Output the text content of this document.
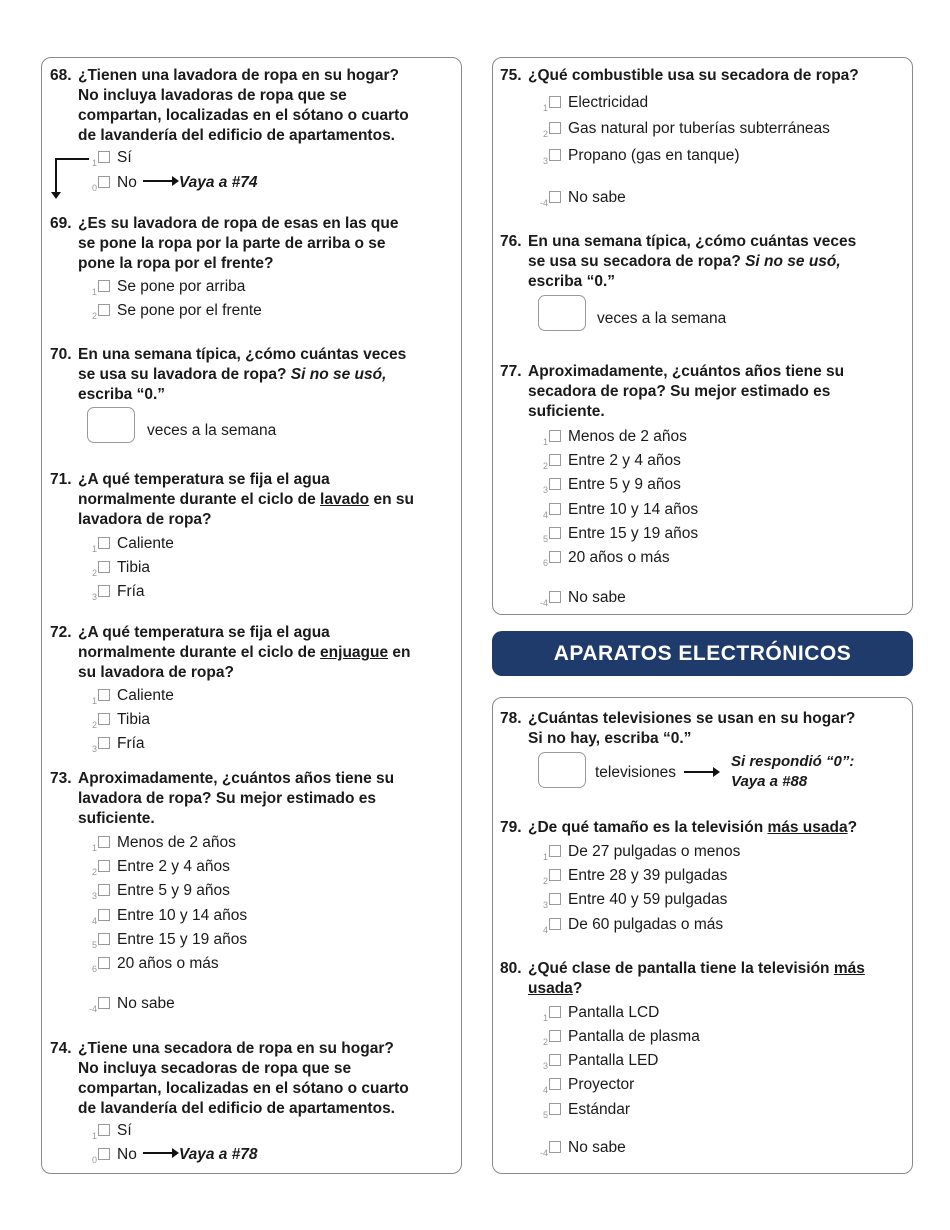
APARATOS ELECTRÓNICOS

68. ¿Tienen una lavadora de ropa en su hogar?

No incluya lavadoras de ropa que se

compartan, localizadas en el sótano o cuarto

de lavandería del edificio de apartamentos.

1 Sí
0 No	Vaya a #74

69. ¿Es su lavadora de ropa de esas en las que

se pone la ropa por la parte de arriba o se

pone la ropa por el frente?

1 Se pone por arriba
2 Se pone por el frente

70. En una semana típica, ¿cómo cuántas veces

se usa su lavadora de ropa? Si no se usó,

escriba “0.”

veces a la semana

71. ¿A qué temperatura se fija el agua

normalmente durante el ciclo de lavado en su

lavadora de ropa?

1 Caliente
2 Tibia
3 Fría

72. ¿A qué temperatura se fija el agua

normalmente durante el ciclo de enjuague en

su lavadora de ropa?

1 Caliente
2 Tibia
3 Fría

73. Aproximadamente, ¿cuántos años tiene su

lavadora de ropa? Su mejor estimado es

suficiente.

1 Menos de 2 años
2 Entre 2 y 4 años
3 Entre 5 y 9 años
4 Entre 10 y 14 años
5 Entre 15 y 19 años
6 20 años o más
-4 No sabe

74. ¿Tiene una secadora de ropa en su hogar?

No incluya secadoras de ropa que se

compartan, localizadas en el sótano o cuarto

de lavandería del edificio de apartamentos.

1 Sí
0 No	Vaya a #78

75. ¿Qué combustible usa su secadora de ropa?

1 Electricidad
2 Gas natural por tuberías subterráneas
3 Propano (gas en tanque)
-4 No sabe

76. En una semana típica, ¿cómo cuántas veces

se usa su secadora de ropa? Si no se usó,

escriba “0.”

veces a la semana

77. Aproximadamente, ¿cuántos años tiene su

secadora de ropa? Su mejor estimado es

suficiente.

1 Menos de 2 años
2 Entre 2 y 4 años
3 Entre 5 y 9 años
4 Entre 10 y 14 años
5 Entre 15 y 19 años
6 20 años o más
-4 No sabe

78. ¿Cuántas televisiones se usan en su hogar?

Si no hay, escriba “0.”

televisiones
Si respondió “0”:
Vaya a #88

79. ¿De qué tamaño es la televisión más usada?

1 De 27 pulgadas o menos
2 Entre 28 y 39 pulgadas
3 Entre 40 y 59 pulgadas
4 De 60 pulgadas o más

80. ¿Qué clase de pantalla tiene la televisión más

usada?

1 Pantalla LCD
2 Pantalla de plasma
3 Pantalla LED
4 Proyector
5 Estándar
-4 No sabe
